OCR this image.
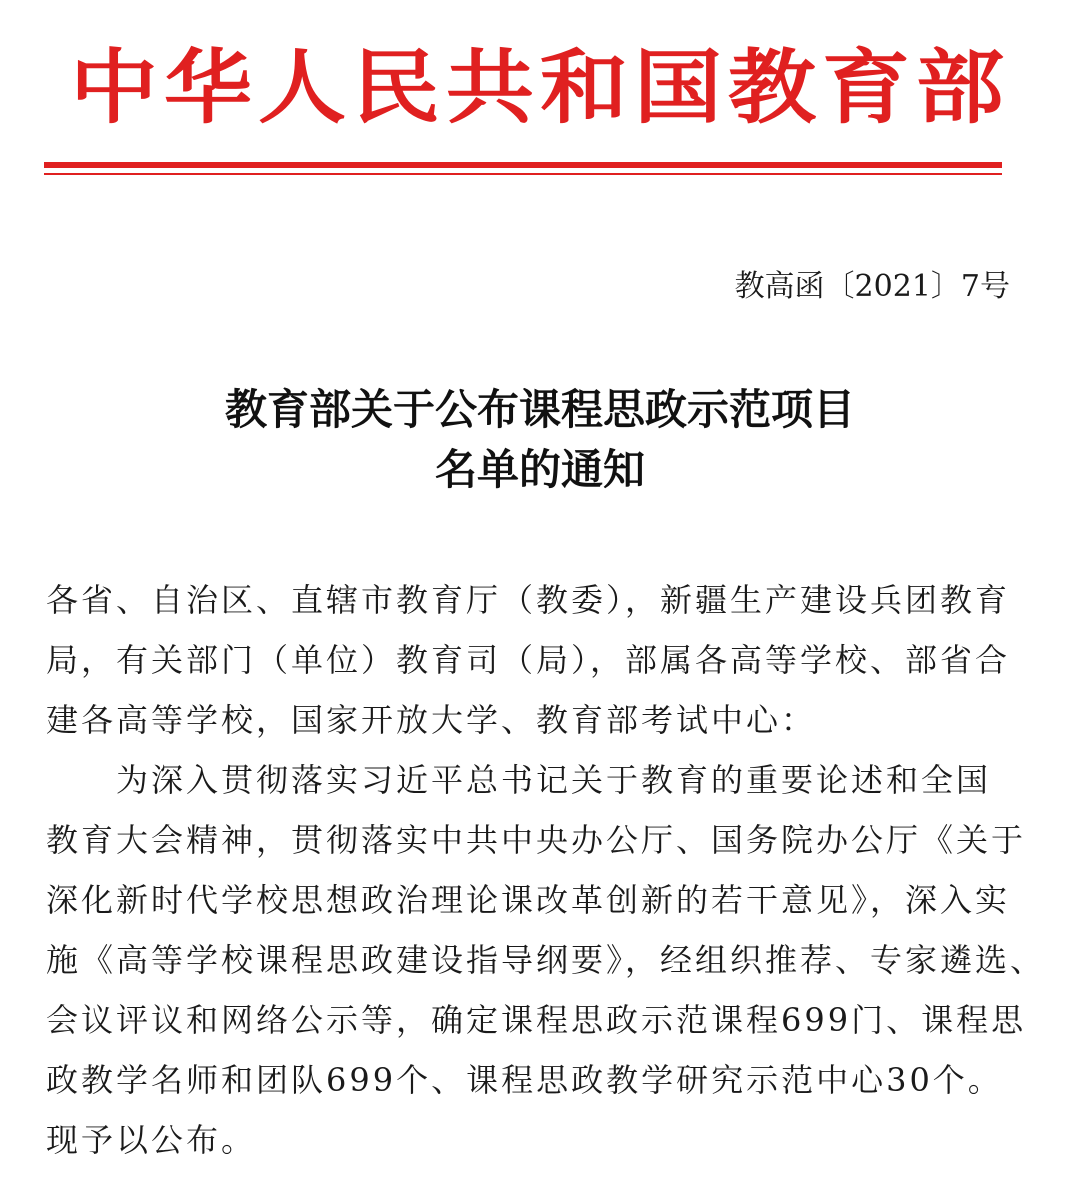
中华人民共和国教育部
教高函〔2021〕7号
教育部关于公布课程思政示范项目
名单的通知
各省、自治区、直辖市教育厅（教委），新疆生产建设兵团教育
局，有关部门（单位）教育司（局），部属各高等学校、部省合
建各高等学校，国家开放大学、教育部考试中心：
为深入贯彻落实习近平总书记关于教育的重要论述和全国
教育大会精神，贯彻落实中共中央办公厅、国务院办公厅《关于
深化新时代学校思想政治理论课改革创新的若干意见》，深入实
施《高等学校课程思政建设指导纲要》，经组织推荐、专家遴选、
会议评议和网络公示等，确定课程思政示范课程699门、课程思
政教学名师和团队699个、课程思政教学研究示范中心30个。
现予以公布。
